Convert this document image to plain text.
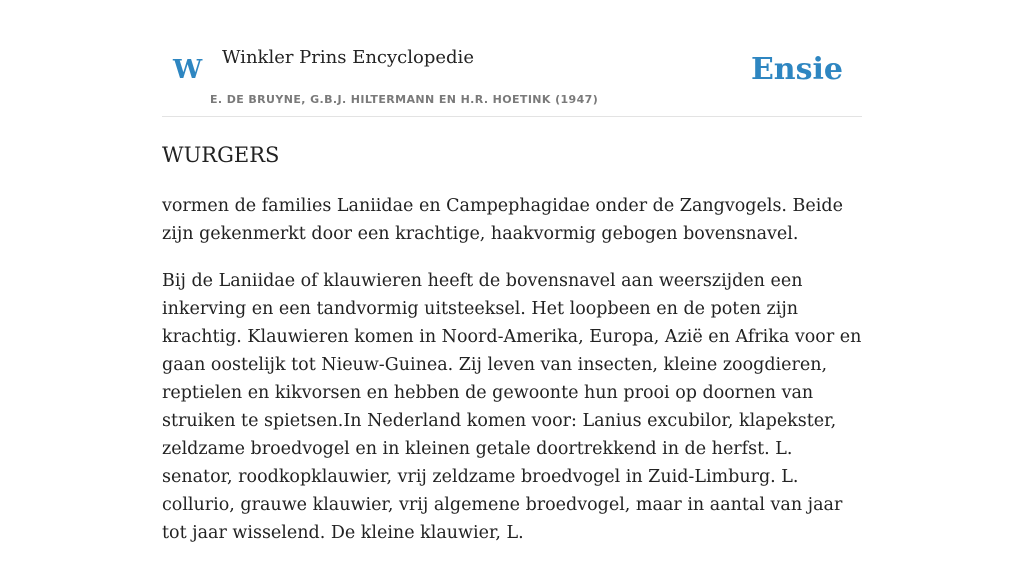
W Winkler Prins Encyclopedie
E. DE BRUYNE, G.B.J. HILTERMANN EN H.R. HOETINK (1947)
Ensie
WURGERS

vormen de families Laniidae en Campephagidae onder de Zangvogels. Beide zijn gekenmerkt door een krachtige, haakvormig gebogen bovensnavel.

Bij de Laniidae of klauwieren heeft de bovensnavel aan weerszijden een inkerving en een tandvormig uitsteeksel. Het loopbeen en de poten zijn krachtig. Klauwieren komen in Noord-Amerika, Europa, Azië en Afrika voor en gaan oostelijk tot Nieuw-Guinea. Zij leven van insecten, kleine zoogdieren, reptielen en kikvorsen en hebben de gewoonte hun prooi op doornen van struiken te spietsen.In Nederland komen voor: Lanius excubilor, klapekster, zeldzame broedvogel en in kleinen getale doortrekkend in de herfst. L. senator, roodkopklauwier, vrij zeldzame broedvogel in Zuid-Limburg. L. collurio, grauwe klauwier, vrij algemene broedvogel, maar in aantal van jaar tot jaar wisselend. De kleine klauwier, L.
